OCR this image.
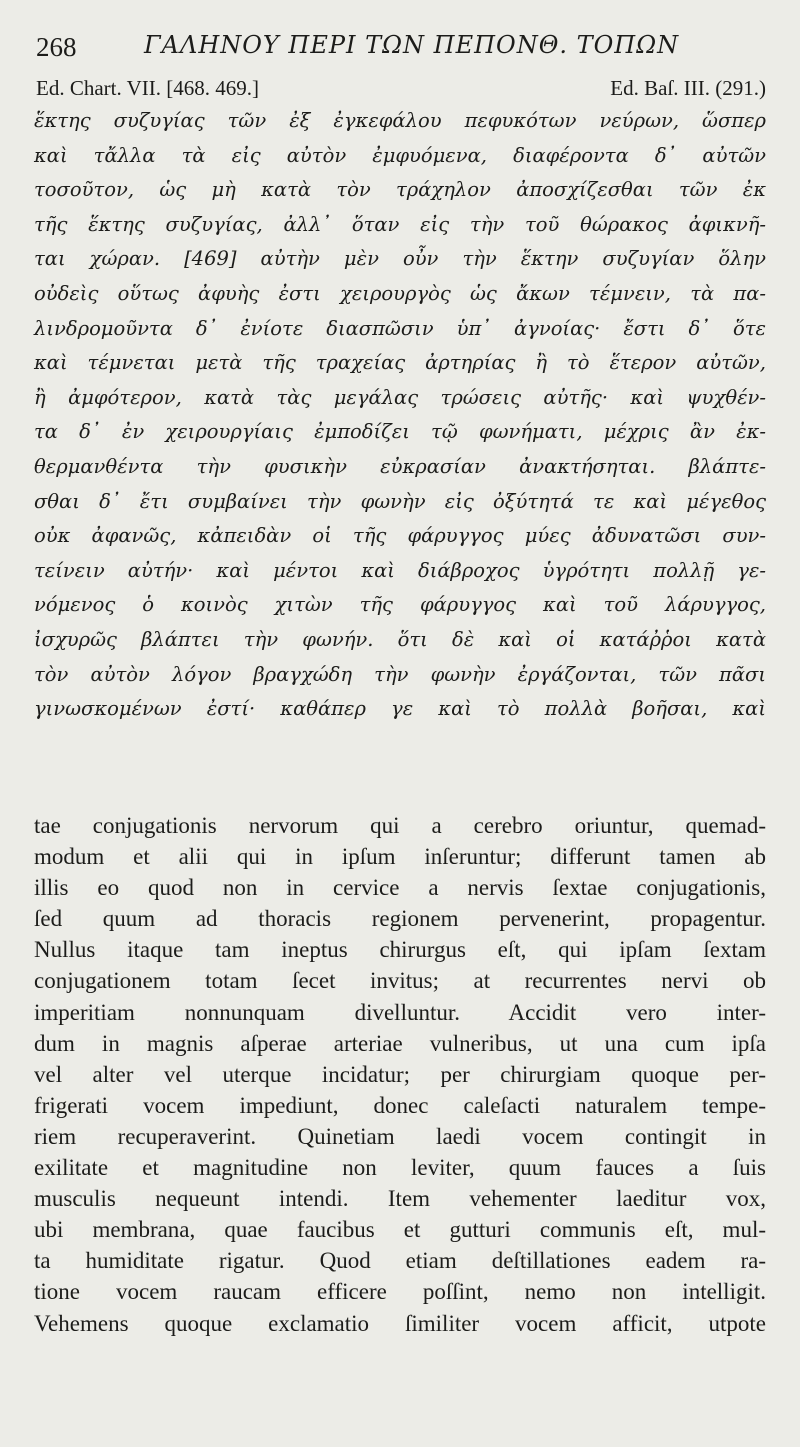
268	ΓΑΛΗΝΟΥ ΠΕΡΙ ΤΩΝ ΠΕΠΟΝΘ. ΤΟΠΩΝ
Ed. Chart. VII. [468. 469.]	Ed. Baſ. III. (291.)
ἕκτης συζυγίας τῶν ἐξ ἐγκεφάλου πεφυκότων νεύρων, ὥσπερ
καὶ τἄλλα τὰ εἰς αὐτὸν ἐμφυόμενα, διαφέροντα δ᾽ αὐτῶν
τοσοῦτον, ὡς μὴ κατὰ τὸν τράχηλον ἀποσχίζεσθαι τῶν ἐκ
τῆς ἕκτης συζυγίας, ἀλλ᾽ ὅταν εἰς τὴν τοῦ θώρακος ἀφικνῆ-
ται χώραν. [469] αὐτὴν μὲν οὖν τὴν ἕκτην συζυγίαν ὅλην
οὐδεὶς οὕτως ἀφυὴς ἐστι χειρουργὸς ὡς ἄκων τέμνειν, τὰ πα-
λινδρομοῦντα δ᾽ ἐνίοτε διασπῶσιν ὑπ᾽ ἀγνοίας· ἔστι δ᾽ ὅτε
καὶ τέμνεται μετὰ τῆς τραχείας ἀρτηρίας ἢ τὸ ἕτερον αὐτῶν,
ἢ ἀμφότερον, κατὰ τὰς μεγάλας τρώσεις αὐτῆς· καὶ ψυχθέν-
τα δ᾽ ἐν χειρουργίαις ἐμποδίζει τῷ φωνήματι, μέχρις ἂν ἐκ-
θερμανθέντα τὴν φυσικὴν εὐκρασίαν ἀνακτήσηται. βλάπτε-
σθαι δ᾽ ἔτι συμβαίνει τὴν φωνὴν εἰς ὀξύτητά τε καὶ μέγεθος
οὐκ ἀφανῶς, κἀπειδὰν οἱ τῆς φάρυγγος μύες ἀδυνατῶσι συν-
τείνειν αὐτήν· καὶ μέντοι καὶ διάβροχος ὑγρότητι πολλῇ γε-
νόμενος ὁ κοινὸς χιτὼν τῆς φάρυγγος καὶ τοῦ λάρυγγος,
ἰσχυρῶς βλάπτει τὴν φωνήν. ὅτι δὲ καὶ οἱ κατάῤῥοι κατὰ
τὸν αὐτὸν λόγον βραγχώδη τὴν φωνὴν ἐργάζονται, τῶν πᾶσι
γινωσκομένων ἐστί· καθάπερ γε καὶ τὸ πολλὰ βοῆσαι, καὶ
tae conjugationis nervorum qui a cerebro oriuntur, quemad-
modum et alii qui in ipſum inſeruntur; differunt tamen ab
illis eo quod non in cervice a nervis ſextae conjugationis,
ſed quum ad thoracis regionem pervenerint, propagentur.
Nullus itaque tam ineptus chirurgus eſt, qui ipſam ſextam
conjugationem totam ſecet invitus; at recurrentes nervi ob
imperitiam nonnunquam divelluntur. Accidit vero inter-
dum in magnis aſperae arteriae vulneribus, ut una cum ipſa
vel alter vel uterque incidatur; per chirurgiam quoque per-
frigerati vocem impediunt, donec caleſacti naturalem tempe-
riem recuperaverint. Quinetiam laedi vocem contingit in
exilitate et magnitudine non leviter, quum fauces a ſuis
musculis nequeunt intendi. Item vehementer laeditur vox,
ubi membrana, quae faucibus et gutturi communis eſt, mul-
ta humiditate rigatur. Quod etiam deſtillationes eadem ra-
tione vocem raucam efficere poſſint, nemo non intelligit.
Vehemens quoque exclamatio ſimiliter vocem afficit, utpote
